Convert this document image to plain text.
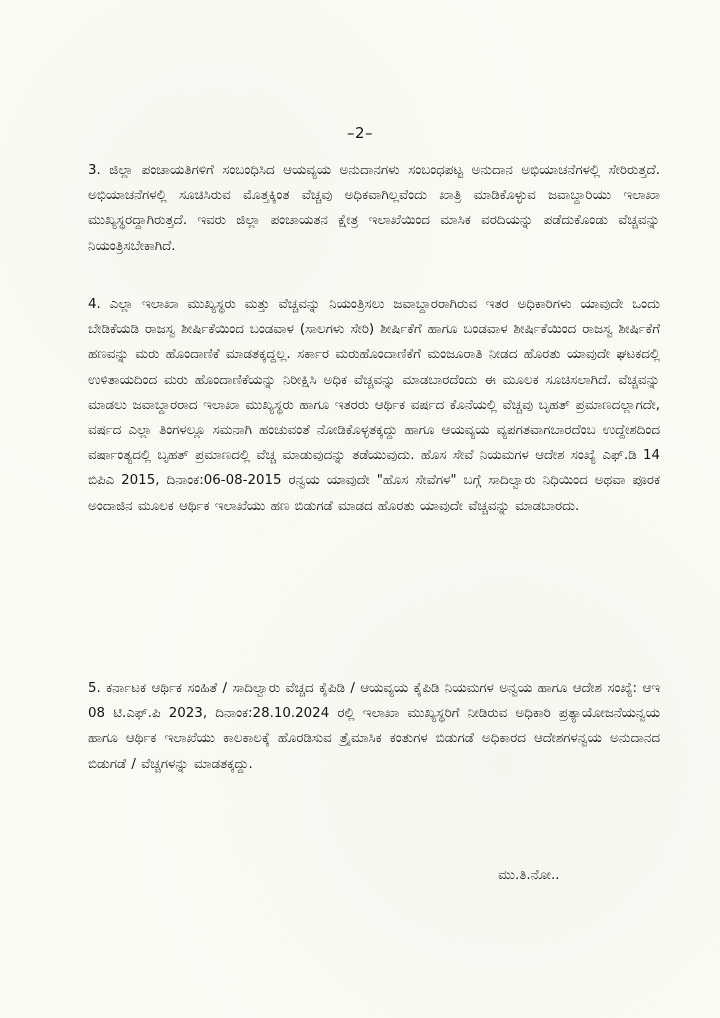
–2–

3. ಜಿಲ್ಲಾ ಪಂಚಾಯತಿಗಳಿಗೆ ಸಂಬಂಧಿಸಿದ ಆಯವ್ಯಯ ಅನುದಾನಗಳು ಸಂಬಂಧಪಟ್ಟ ಅನುದಾನ ಅಭಿಯಾಚನೆಗಳಲ್ಲಿ ಸೇರಿರುತ್ತದೆ. ಅಭಿಯಾಚನೆಗಳಲ್ಲಿ ಸೂಚಿಸಿರುವ ಮೊತ್ತಕ್ಕಿಂತ ವೆಚ್ಚವು ಅಧಿಕವಾಗಿಲ್ಲವೆಂದು ಖಾತ್ರಿ ಮಾಡಿಕೊಳ್ಳುವ ಜವಾಬ್ದಾರಿಯು ಇಲಾಖಾ ಮುಖ್ಯಸ್ಥರದ್ದಾಗಿರುತ್ತದೆ. ಇವರು ಜಿಲ್ಲಾ ಪಂಚಾಯತನ ಕ್ಷೇತ್ರ ಇಲಾಖೆಯಿಂದ ಮಾಸಿಕ ವರದಿಯನ್ನು ಪಡೆದುಕೊಂಡು ವೆಚ್ಚವನ್ನು ನಿಯಂತ್ರಿಸಬೇಕಾಗಿದೆ.

4. ಎಲ್ಲಾ ಇಲಾಖಾ ಮುಖ್ಯಸ್ಥರು ಮತ್ತು ವೆಚ್ಚವನ್ನು ನಿಯಂತ್ರಿಸಲು ಜವಾಬ್ದಾರರಾಗಿರುವ ಇತರ ಅಧಿಕಾರಿಗಳು ಯಾವುದೇ ಒಂದು ಬೇಡಿಕೆಯಡಿ ರಾಜಸ್ವ ಶೀರ್ಷಿಕೆಯಿಂದ ಬಂಡವಾಳ (ಸಾಲಗಳು ಸೇರಿ) ಶೀರ್ಷಿಕೆಗೆ ಹಾಗೂ ಬಂಡವಾಳ ಶೀರ್ಷಿಕೆಯಿಂದ ರಾಜಸ್ವ ಶೀರ್ಷಿಕೆಗೆ ಹಣವನ್ನು ಮರು ಹೊಂದಾಣಿಕೆ ಮಾಡತಕ್ಕದ್ದಲ್ಲ. ಸರ್ಕಾರ ಮರುಹೊಂದಾಣಿಕೆಗೆ ಮಂಜೂರಾತಿ ನೀಡದ ಹೊರತು ಯಾವುದೇ ಘಟಕದಲ್ಲಿ ಉಳಿತಾಯದಿಂದ ಮರು ಹೊಂದಾಣಿಕೆಯನ್ನು ನಿರೀಕ್ಷಿಸಿ ಅಧಿಕ ವೆಚ್ಚವನ್ನು ಮಾಡಬಾರದೆಂದು ಈ ಮೂಲಕ ಸೂಚಿಸಲಾಗಿದೆ. ವೆಚ್ಚವನ್ನು ಮಾಡಲು ಜವಾಬ್ದಾರರಾದ ಇಲಾಖಾ ಮುಖ್ಯಸ್ಥರು ಹಾಗೂ ಇತರರು ಆರ್ಥಿಕ ವರ್ಷದ ಕೊನೆಯಲ್ಲಿ ವೆಚ್ಚವು ಬೃಹತ್ ಪ್ರಮಾಣದಲ್ಲಾಗದೇ, ವರ್ಷದ ಎಲ್ಲಾ ತಿಂಗಳಲ್ಲೂ ಸಮನಾಗಿ ಹಂಚುವಂತೆ ನೋಡಿಕೊಳ್ಳತಕ್ಕದ್ದು ಹಾಗೂ ಆಯವ್ಯಯ ವ್ಯಪಗತವಾಗಬಾರದೆಂಬ ಉದ್ದೇಶದಿಂದ ವರ್ಷಾಂತ್ಯದಲ್ಲಿ ಬೃಹತ್ ಪ್ರಮಾಣದಲ್ಲಿ ವೆಚ್ಚ ಮಾಡುವುದನ್ನು ತಡೆಯುವುದು. ಹೊಸ ಸೇವೆ ನಿಯಮಗಳ ಆದೇಶ ಸಂಖ್ಯೆ ಎಫ್.ಡಿ 14 ಬಿಪಿಎ 2015, ದಿನಾಂಕ:06-08-2015 ರನ್ವಯ ಯಾವುದೇ "ಹೊಸ ಸೇವೆಗಳ" ಬಗ್ಗೆ ಸಾದಿಲ್ವಾರು ನಿಧಿಯಿಂದ ಅಥವಾ ಪೂರಕ ಅಂದಾಜಿನ ಮೂಲಕ ಆರ್ಥಿಕ ಇಲಾಖೆಯು ಹಣ ಬಿಡುಗಡೆ ಮಾಡದ ಹೊರತು ಯಾವುದೇ ವೆಚ್ಚವನ್ನು ಮಾಡಬಾರದು.

5. ಕರ್ನಾಟಕ ಆರ್ಥಿಕ ಸಂಹಿತೆ / ಸಾದಿಲ್ವಾರು ವೆಚ್ಚದ ಕೈಪಿಡಿ / ಆಯವ್ಯಯ ಕೈಪಿಡಿ ನಿಯಮಗಳ ಅನ್ವಯ ಹಾಗೂ ಆದೇಶ ಸಂಖ್ಯೆ: ಆಇ 08 ಟಿ.ಎಫ್.ಪಿ 2023, ದಿನಾಂಕ:28.10.2024 ರಲ್ಲಿ ಇಲಾಖಾ ಮುಖ್ಯಸ್ಥರಿಗೆ ನೀಡಿರುವ ಅಧಿಕಾರಿ ಪ್ರತ್ಯಾಯೋಜನೆಯನ್ವಯ ಹಾಗೂ ಆರ್ಥಿಕ ಇಲಾಖೆಯು ಕಾಲಕಾಲಕ್ಕೆ ಹೊರಡಿಸುವ ತ್ರೈಮಾಸಿಕ ಕಂತುಗಳ ಬಿಡುಗಡೆ ಅಧಿಕಾರದ ಆದೇಶಗಳನ್ವಯ ಅನುದಾನದ ಬಿಡುಗಡೆ / ವೆಚ್ಚಗಳನ್ನು ಮಾಡತಕ್ಕದ್ದು.

ಮು.ತಿ.ನೋ..
